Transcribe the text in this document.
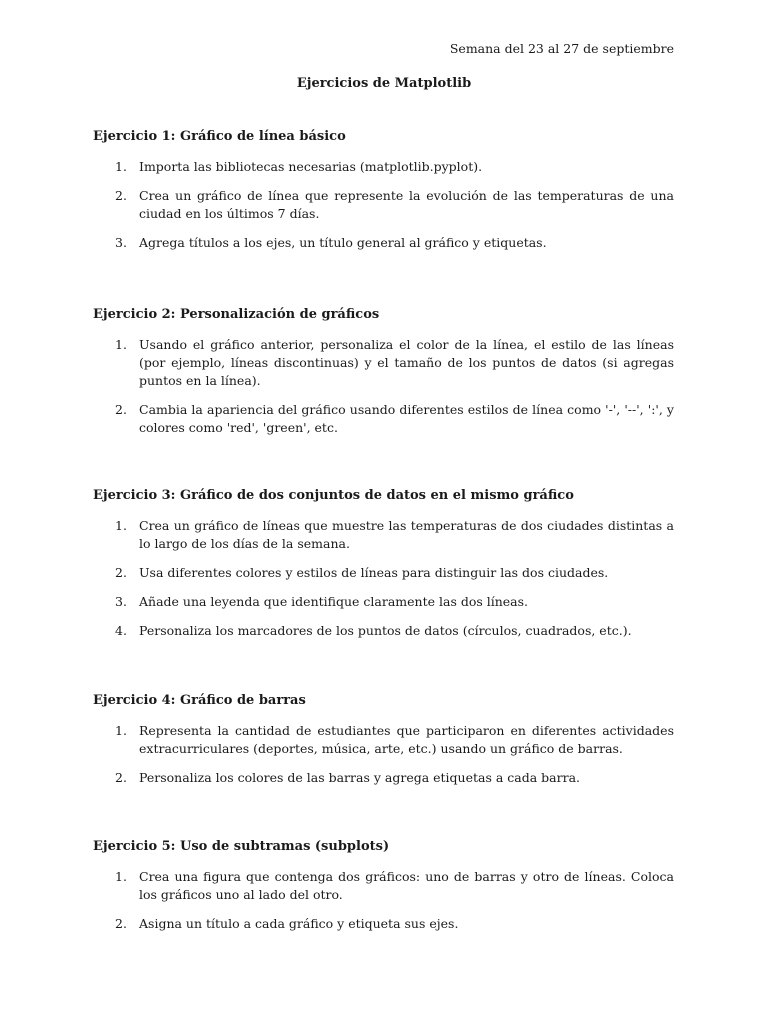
Semana del 23 al 27 de septiembre
Ejercicios de Matplotlib
Ejercicio 1: Gráfico de línea básico
1. Importa las bibliotecas necesarias (matplotlib.pyplot).
2. Crea un gráfico de línea que represente la evolución de las temperaturas de una ciudad en los últimos 7 días.
3. Agrega títulos a los ejes, un título general al gráfico y etiquetas.
Ejercicio 2: Personalización de gráficos
1. Usando el gráfico anterior, personaliza el color de la línea, el estilo de las líneas (por ejemplo, líneas discontinuas) y el tamaño de los puntos de datos (si agregas puntos en la línea).
2. Cambia la apariencia del gráfico usando diferentes estilos de línea como '-', '--', ':', y colores como 'red', 'green', etc.
Ejercicio 3: Gráfico de dos conjuntos de datos en el mismo gráfico
1. Crea un gráfico de líneas que muestre las temperaturas de dos ciudades distintas a lo largo de los días de la semana.
2. Usa diferentes colores y estilos de líneas para distinguir las dos ciudades.
3. Añade una leyenda que identifique claramente las dos líneas.
4. Personaliza los marcadores de los puntos de datos (círculos, cuadrados, etc.).
Ejercicio 4: Gráfico de barras
1. Representa la cantidad de estudiantes que participaron en diferentes actividades extracurriculares (deportes, música, arte, etc.) usando un gráfico de barras.
2. Personaliza los colores de las barras y agrega etiquetas a cada barra.
Ejercicio 5: Uso de subtramas (subplots)
1. Crea una figura que contenga dos gráficos: uno de barras y otro de líneas. Coloca los gráficos uno al lado del otro.
2. Asigna un título a cada gráfico y etiqueta sus ejes.
